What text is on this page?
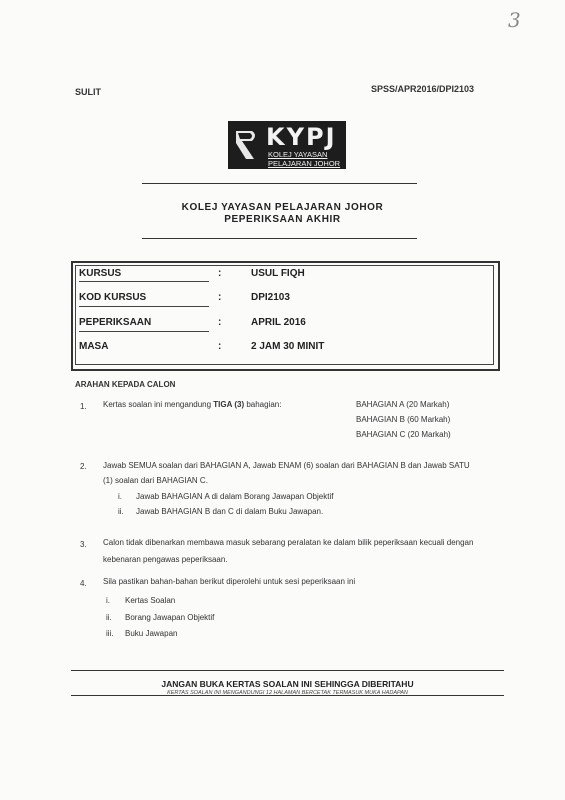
3
SULIT	SPSS/APR2016/DPI2103
KYPJ
KOLEJ YAYASAN
PELAJARAN JOHOR
KOLEJ YAYASAN PELAJARAN JOHOR
PEPERIKSAAN AKHIR
KURSUS	:	USUL FIQH
KOD KURSUS	:	DPI2103
PEPERIKSAAN	:	APRIL 2016
MASA	:	2 JAM 30 MINIT
ARAHAN KEPADA CALON
1. Kertas soalan ini mengandung TIGA (3) bahagian:	BAHAGIAN A (20 Markah)
BAHAGIAN B (60 Markah)
BAHAGIAN C (20 Markah)
2. Jawab SEMUA soalan dari BAHAGIAN A, Jawab ENAM (6) soalan dari BAHAGIAN B dan Jawab SATU
(1) soalan dari BAHAGIAN C.
i. Jawab BAHAGIAN A di dalam Borang Jawapan Objektif
ii. Jawab BAHAGIAN B dan C di dalam Buku Jawapan.
3. Calon tidak dibenarkan membawa masuk sebarang peralatan ke dalam bilik peperiksaan kecuali dengan
kebenaran pengawas peperiksaan.
4. Sila pastikan bahan-bahan berikut diperolehi untuk sesi peperiksaan ini
i. Kertas Soalan
ii. Borang Jawapan Objektif
iii. Buku Jawapan
JANGAN BUKA KERTAS SOALAN INI SEHINGGA DIBERITAHU
KERTAS SOALAN INI MENGANDUNGI 12 HALAMAN BERCETAK TERMASUK MUKA HADAPAN
